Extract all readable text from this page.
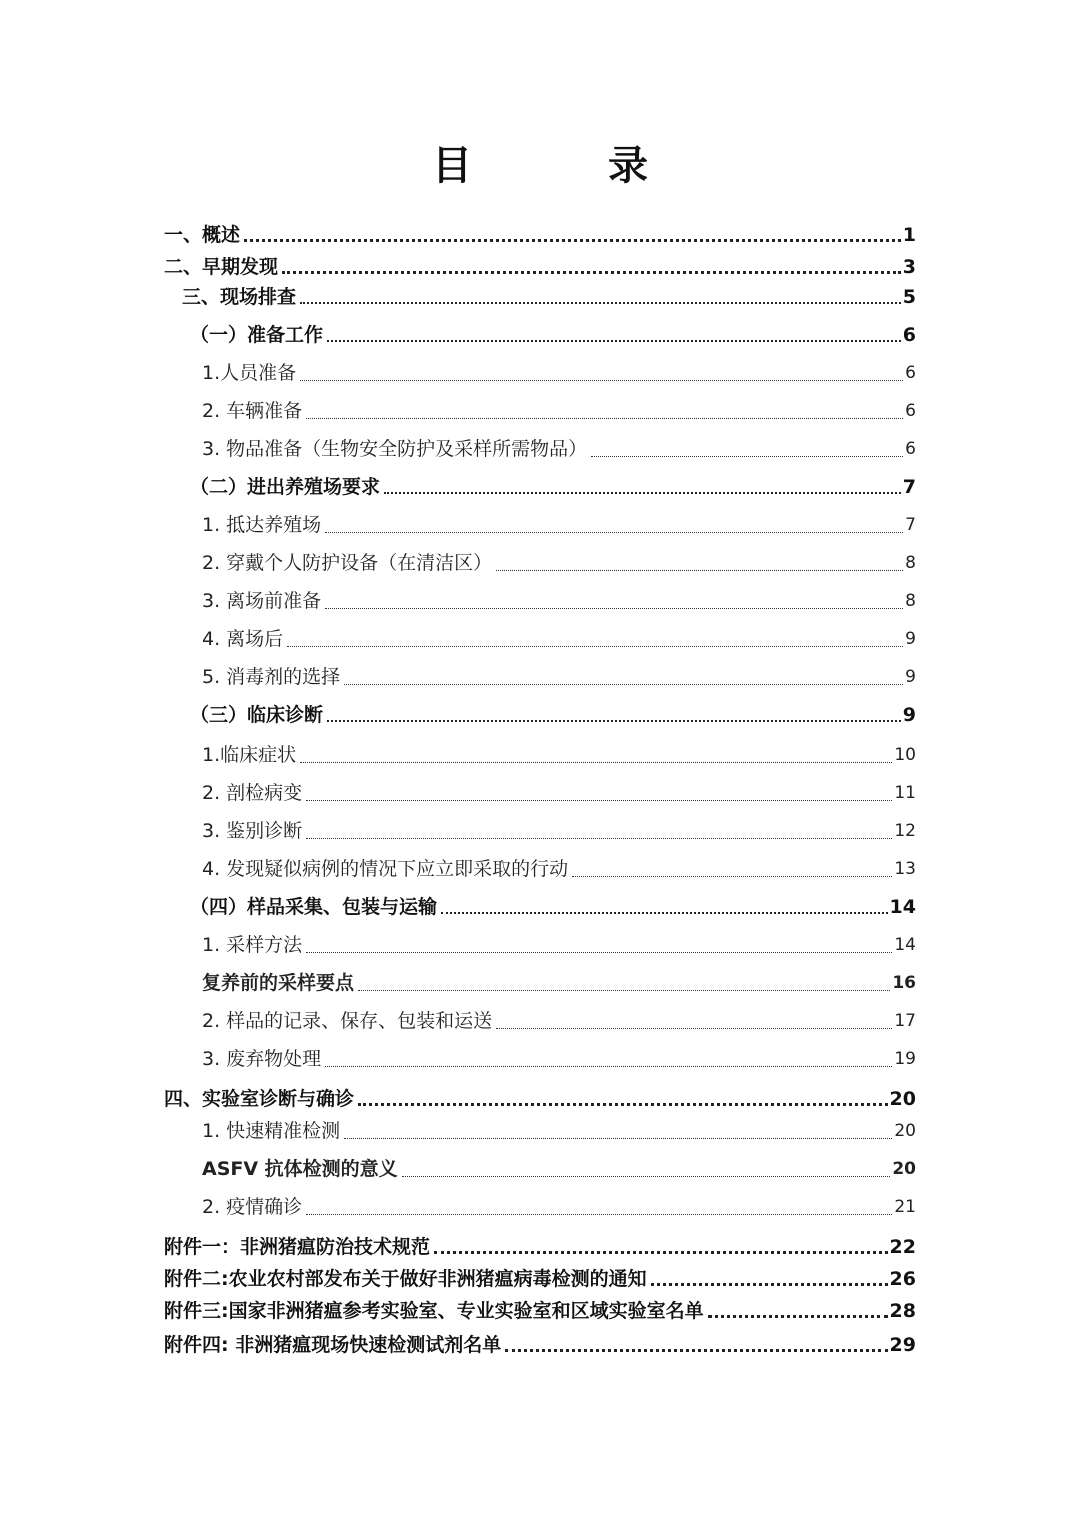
目　录
一、概述	1
二、早期发现	3
三、现场排查	5
（一）准备工作	6
1.人员准备	6
2. 车辆准备	6
3. 物品准备（生物安全防护及采样所需物品）	6
（二）进出养殖场要求	7
1. 抵达养殖场	7
2. 穿戴个人防护设备（在清洁区）	8
3. 离场前准备	8
4. 离场后	9
5. 消毒剂的选择	9
（三）临床诊断	9
1.临床症状	10
2. 剖检病变	11
3. 鉴别诊断	12
4. 发现疑似病例的情况下应立即采取的行动	13
（四）样品采集、包装与运输	14
1. 采样方法	14
复养前的采样要点	16
2. 样品的记录、保存、包装和运送	17
3. 废弃物处理	19
四、实验室诊断与确诊	20
1. 快速精准检测	20
ASFV 抗体检测的意义	20
2. 疫情确诊	21
附件一：非洲猪瘟防治技术规范	22
附件二:农业农村部发布关于做好非洲猪瘟病毒检测的通知	26
附件三:国家非洲猪瘟参考实验室、专业实验室和区域实验室名单	28
附件四: 非洲猪瘟现场快速检测试剂名单	29
